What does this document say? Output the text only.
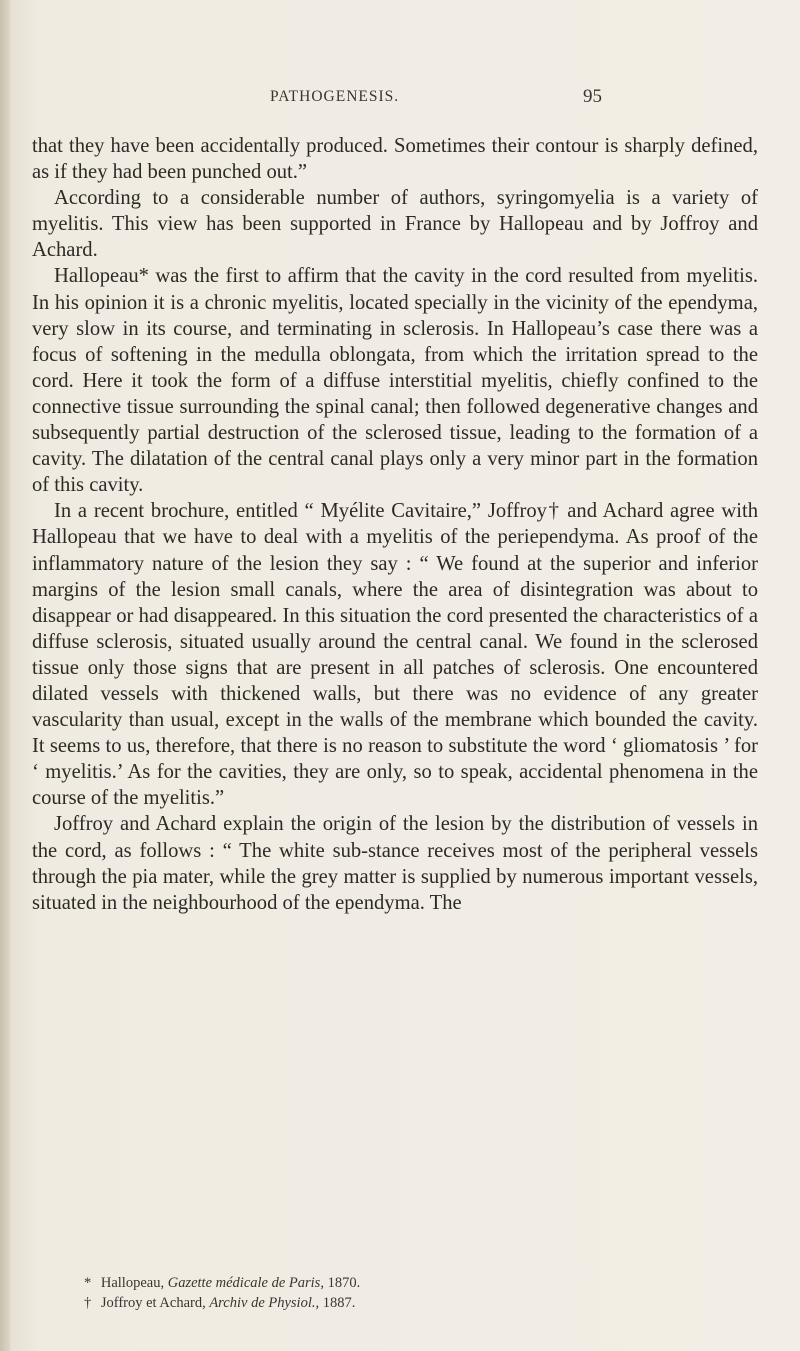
PATHOGENESIS.	95

that they have been accidentally produced. Sometimes their contour is sharply defined, as if they had been punched out.”

According to a considerable number of authors, syringomyelia is a variety of myelitis. This view has been supported in France by Hallopeau and by Joffroy and Achard.

Hallopeau* was the first to affirm that the cavity in the cord resulted from myelitis. In his opinion it is a chronic myelitis, located specially in the vicinity of the ependyma, very slow in its course, and terminating in sclerosis. In Hallopeau’s case there was a focus of softening in the medulla oblongata, from which the irritation spread to the cord. Here it took the form of a diffuse interstitial myelitis, chiefly confined to the connective tissue surrounding the spinal canal; then followed degenerative changes and subsequently partial destruction of the sclerosed tissue, leading to the formation of a cavity. The dilatation of the central canal plays only a very minor part in the formation of this cavity.

In a recent brochure, entitled “ Myélite Cavitaire,” Joffroy† and Achard agree with Hallopeau that we have to deal with a myelitis of the periependyma. As proof of the inflammatory nature of the lesion they say : “ We found at the superior and inferior margins of the lesion small canals, where the area of disintegration was about to disappear or had disappeared. In this situation the cord presented the characteristics of a diffuse sclerosis, situated usually around the central canal. We found in the sclerosed tissue only those signs that are present in all patches of sclerosis. One encountered dilated vessels with thickened walls, but there was no evidence of any greater vascularity than usual, except in the walls of the membrane which bounded the cavity. It seems to us, therefore, that there is no reason to substitute the word ‘ gliomatosis ’ for ‘ myelitis.’ As for the cavities, they are only, so to speak, accidental phenomena in the course of the myelitis.”

Joffroy and Achard explain the origin of the lesion by the distribution of vessels in the cord, as follows : “ The white sub-stance receives most of the peripheral vessels through the pia mater, while the grey matter is supplied by numerous important vessels, situated in the neighbourhood of the ependyma. The

* Hallopeau, Gazette médicale de Paris, 1870.

† Joffroy et Achard, Archiv de Physiol., 1887.
